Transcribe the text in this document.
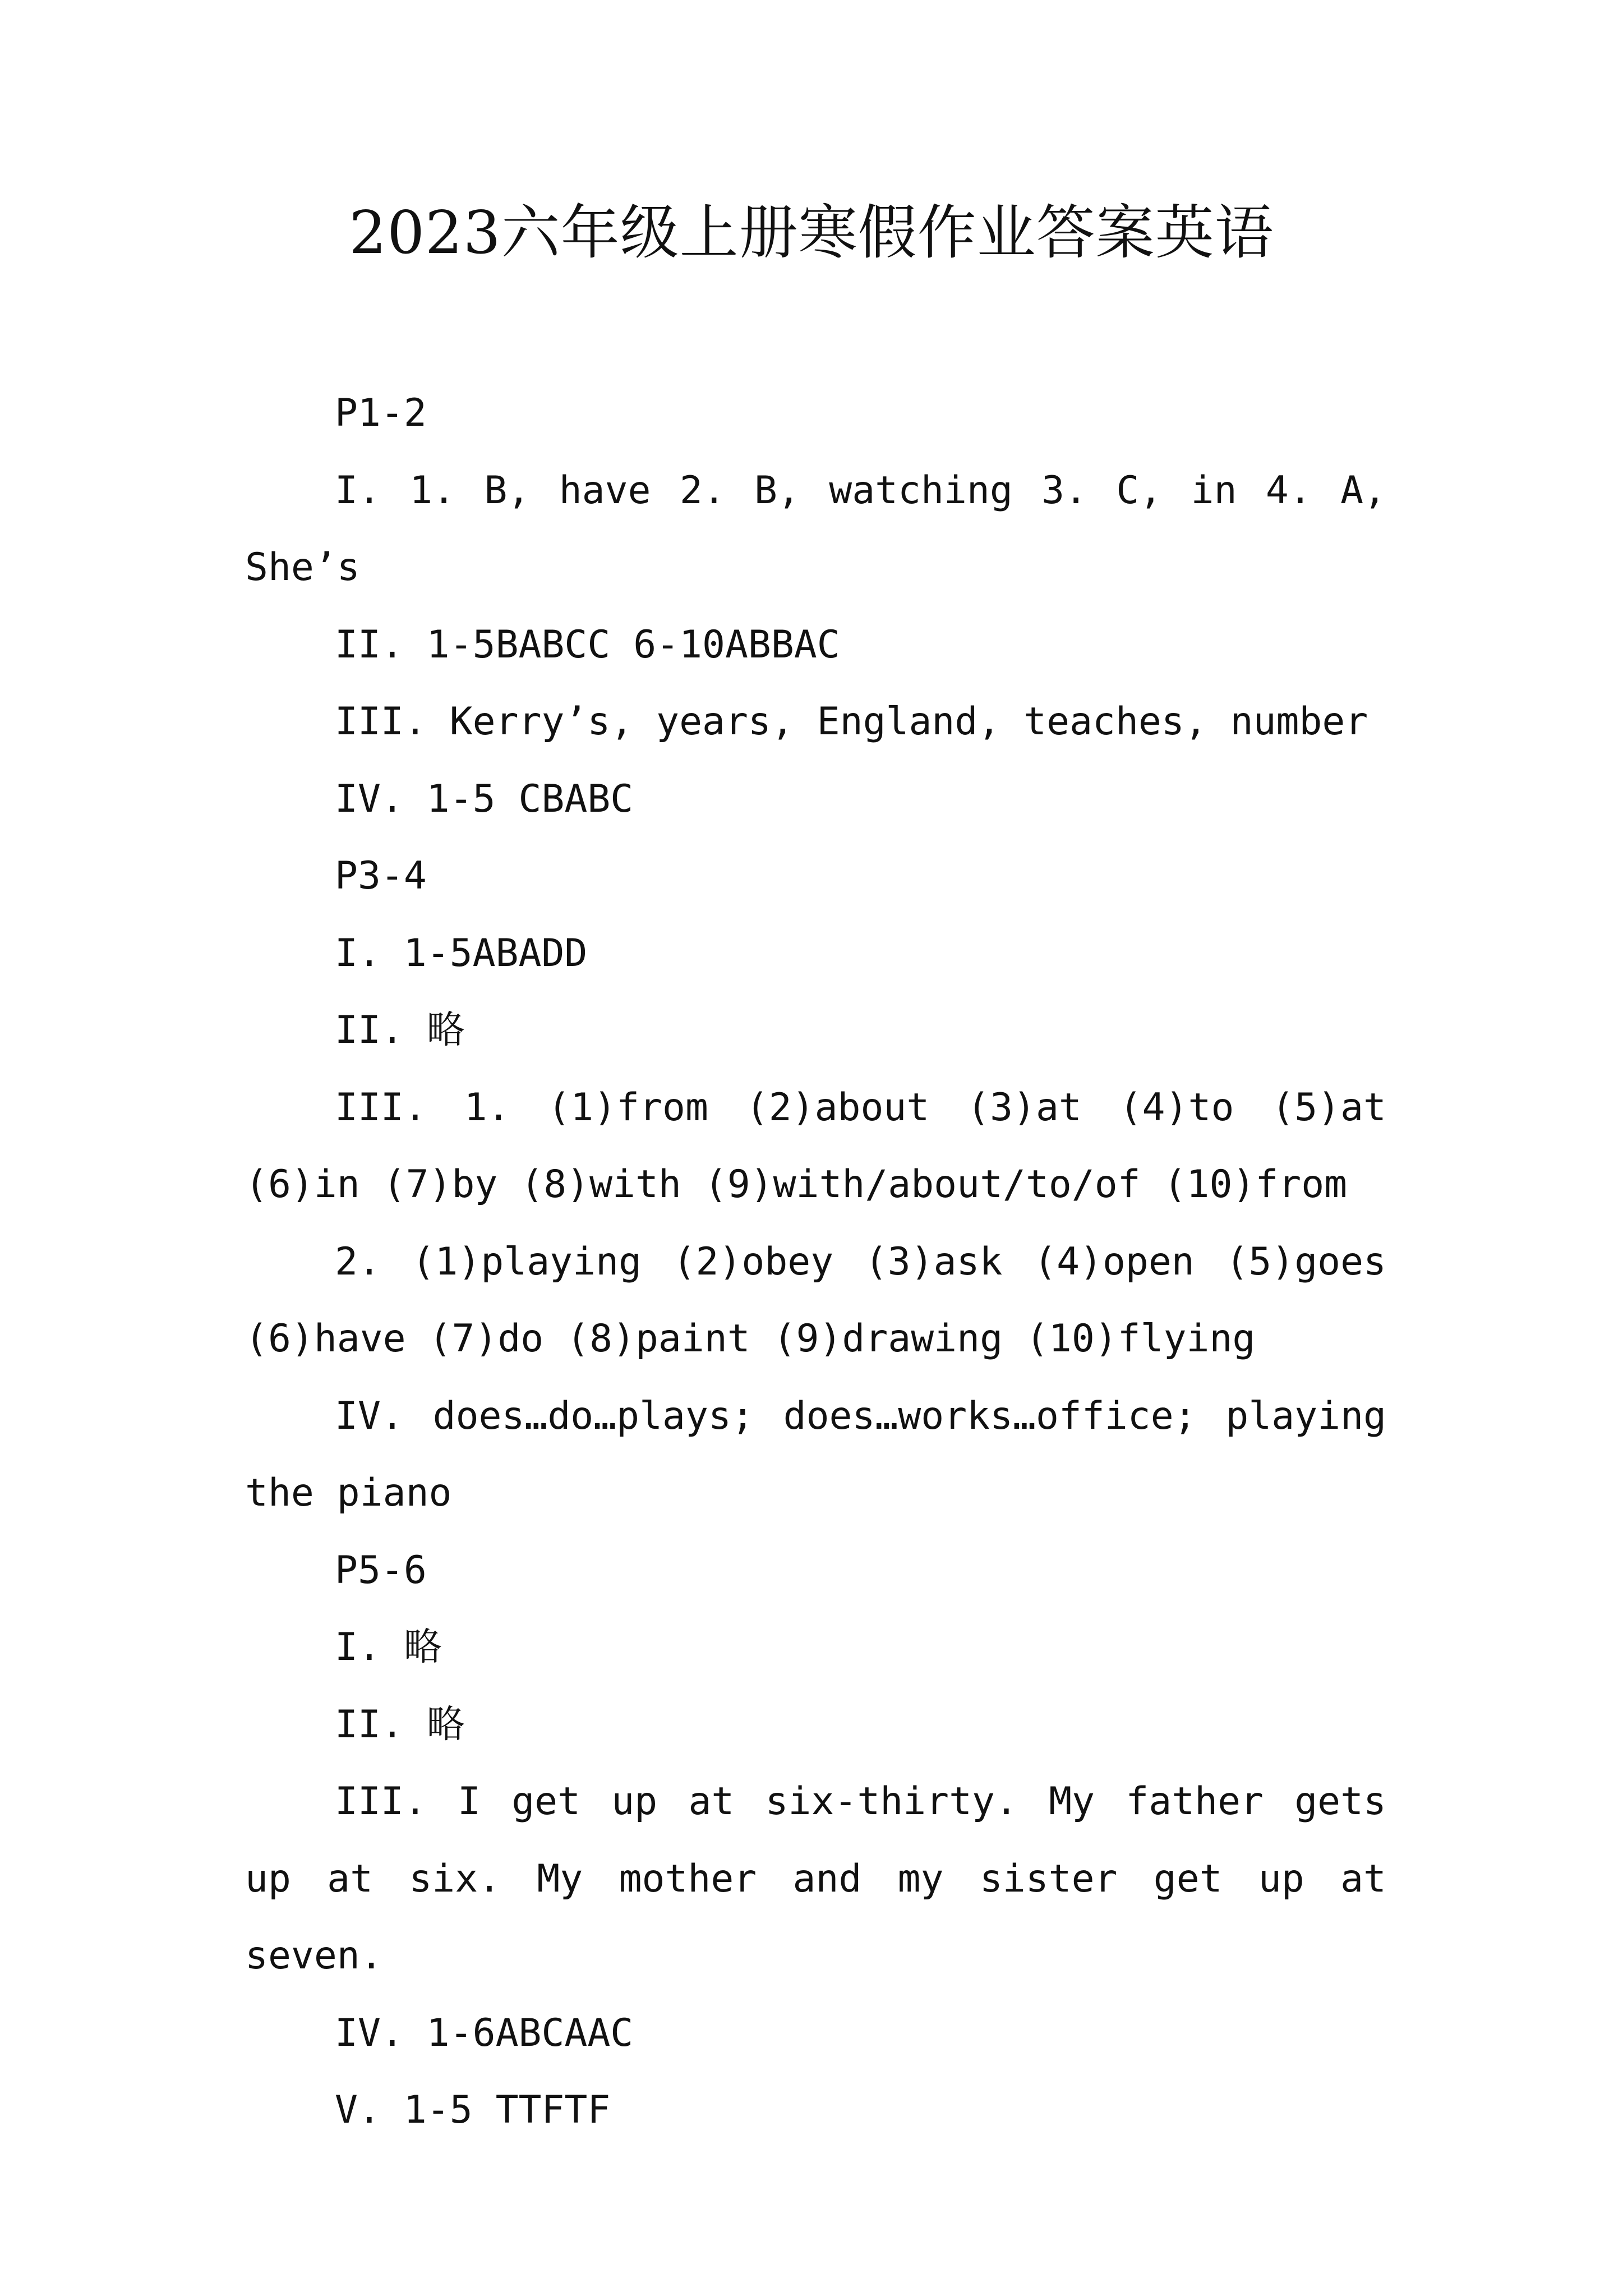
2023六年级上册寒假作业答案英语

P1-2

I. 1. B, have 2. B, watching 3. C, in 4. A, She’s

II. 1-5BABCC 6-10ABBAC

III. Kerry’s, years, England, teaches, number

IV. 1-5 CBABC

P3-4

I. 1-5ABADD

II. 略

III. 1. (1)from (2)about (3)at (4)to (5)at (6)in (7)by (8)with (9)with/about/to/of (10)from

2. (1)playing (2)obey (3)ask (4)open (5)goes (6)have (7)do (8)paint (9)drawing (10)flying

IV. does…do…plays; does…works…office; playing the piano

P5-6

I. 略

II. 略

III. I get up at six-thirty. My father gets up at six. My mother and my sister get up at seven.

IV. 1-6ABCAAC

V. 1-5 TTFTF
